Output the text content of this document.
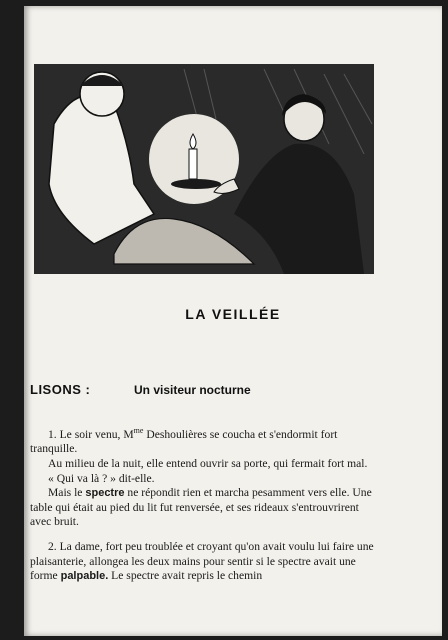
LA VEILLÉE
LISONS :	Un visiteur nocturne

1. Le soir venu, $M^{me}$ Deshoulières se coucha et s'endormit fort tranquille.

Au milieu de la nuit, elle entend ouvrir sa porte, qui fermait fort mal.

« Qui va là ? » dit-elle.

Mais le spectre ne répondit rien et marcha pesamment vers elle. Une table qui était au pied du lit fut renversée, et ses rideaux s'entrouvrirent avec bruit.

2. La dame, fort peu troublée et croyant qu'on avait voulu lui faire une plaisanterie, allongea les deux mains pour sentir si le spectre avait une forme palpable. Le spectre avait repris le chemin
